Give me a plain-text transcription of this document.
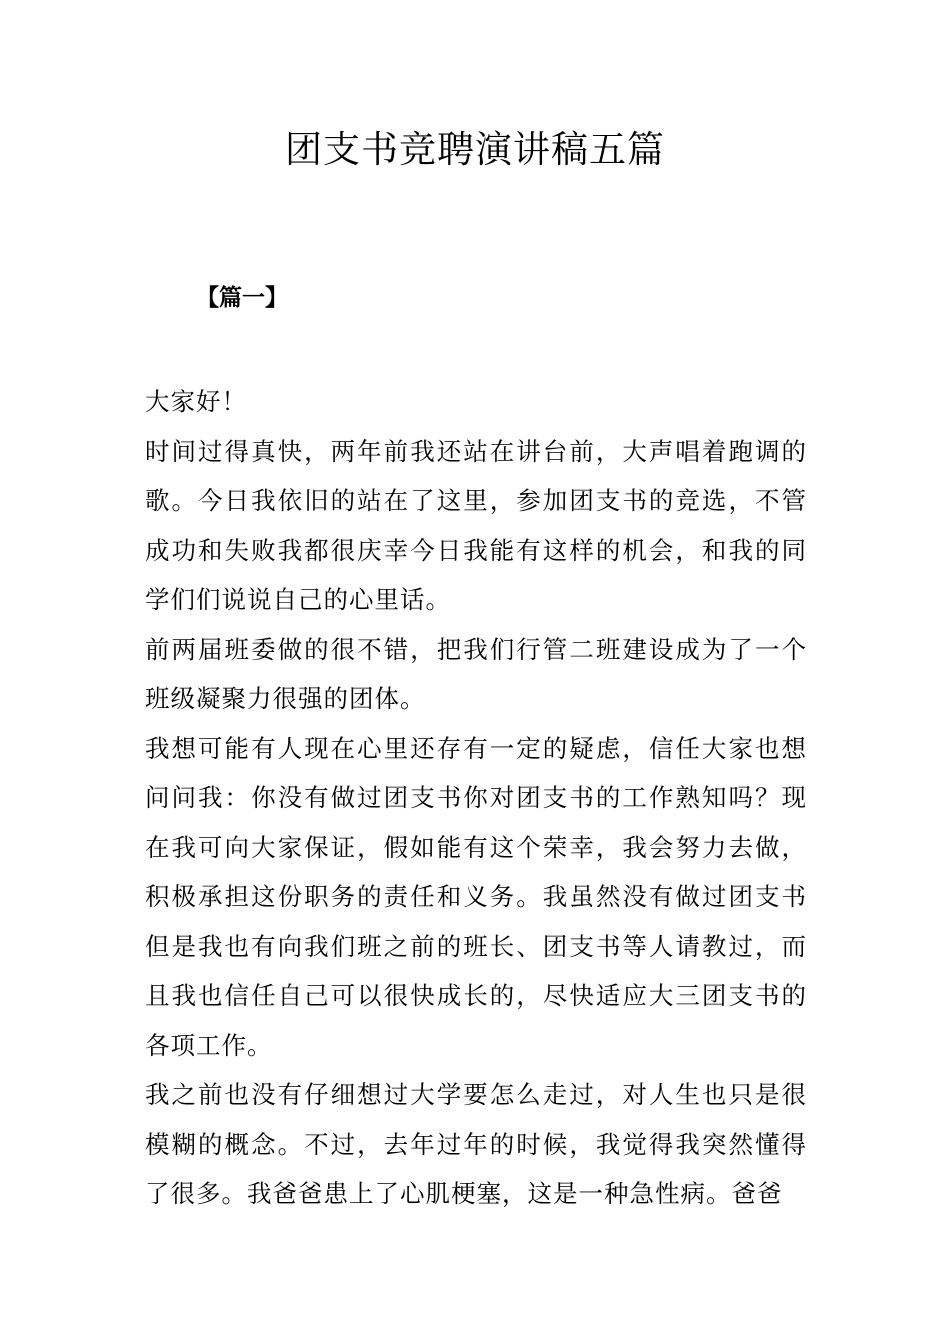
团支书竞聘演讲稿五篇
【篇一】

大家好！

时间过得真快，两年前我还站在讲台前，大声唱着跑调的歌。今日我依旧的站在了这里，参加团支书的竞选，不管成功和失败我都很庆幸今日我能有这样的机会，和我的同学们们说说自己的心里话。

前两届班委做的很不错，把我们行管二班建设成为了一个班级凝聚力很强的团体。

我想可能有人现在心里还存有一定的疑虑，信任大家也想问问我：你没有做过团支书你对团支书的工作熟知吗？现在我可向大家保证，假如能有这个荣幸，我会努力去做，积极承担这份职务的责任和义务。我虽然没有做过团支书但是我也有向我们班之前的班长、团支书等人请教过，而且我也信任自己可以很快成长的，尽快适应大三团支书的各项工作。

我之前也没有仔细想过大学要怎么走过，对人生也只是很模糊的概念。不过，去年过年的时候，我觉得我突然懂得了很多。我爸爸患上了心肌梗塞，这是一种急性病。爸爸
